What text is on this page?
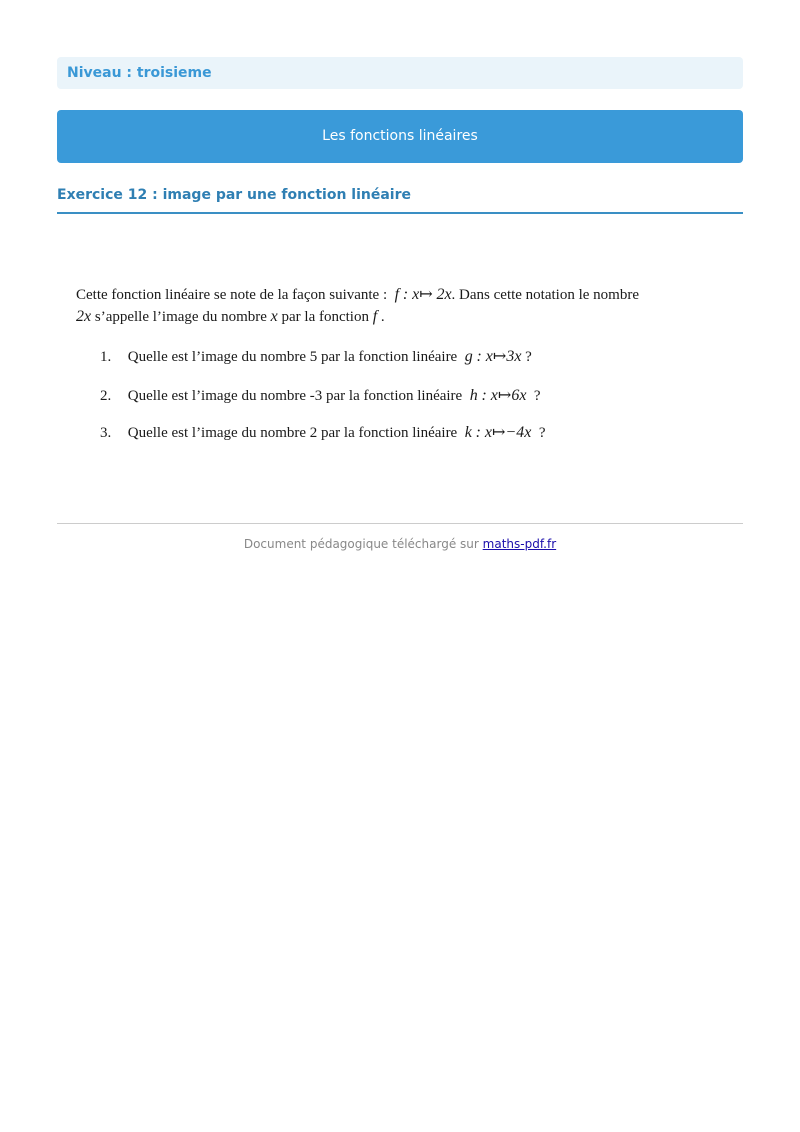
Niveau : troisieme
Les fonctions linéaires
Exercice 12 : image par une fonction linéaire

Cette fonction linéaire se note de la façon suivante : f : x↦ 2x. Dans cette notation le nombre
2x s’appelle l’image du nombre x par la fonction f .

1. Quelle est l’image du nombre 5 par la fonction linéaire g : x↦3x ?
2. Quelle est l’image du nombre -3 par la fonction linéaire h : x↦6x ?
3. Quelle est l’image du nombre 2 par la fonction linéaire k : x↦−4x ?
Document pédagogique téléchargé sur maths-pdf.fr
